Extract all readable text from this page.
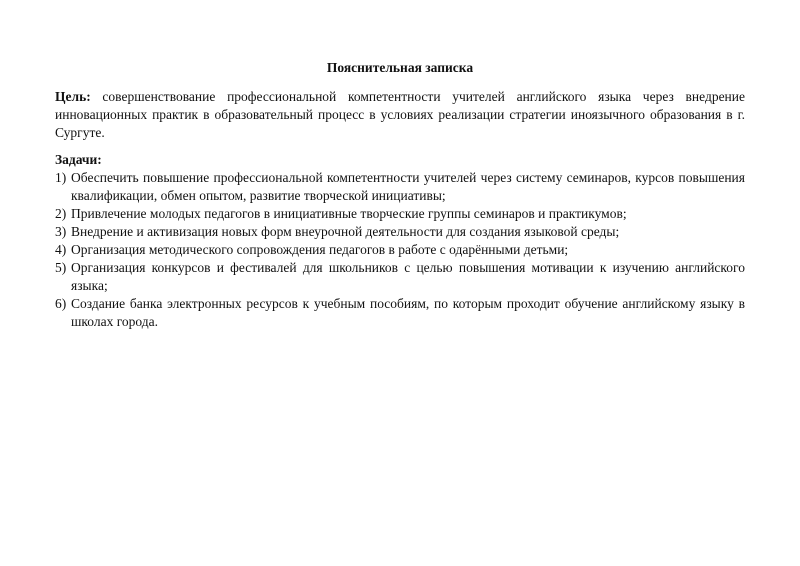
Пояснительная записка

Цель: совершенствование профессиональной компетентности учителей английского языка через внедрение инновационных практик в образовательный процесс в условиях реализации стратегии иноязычного образования в г. Сургуте.

Задачи:

1) Обеспечить повышение профессиональной компетентности учителей через систему семинаров, курсов повышения квалификации, обмен опытом, развитие творческой инициативы;
2) Привлечение молодых педагогов в инициативные творческие группы семинаров и практикумов;
3) Внедрение и активизация новых форм внеурочной деятельности для создания языковой среды;
4) Организация методического сопровождения педагогов в работе с одарёнными детьми;
5) Организация конкурсов и фестивалей для школьников с целью повышения мотивации к изучению английского языка;
6) Создание банка электронных ресурсов к учебным пособиям, по которым проходит обучение английскому языку в школах города.
